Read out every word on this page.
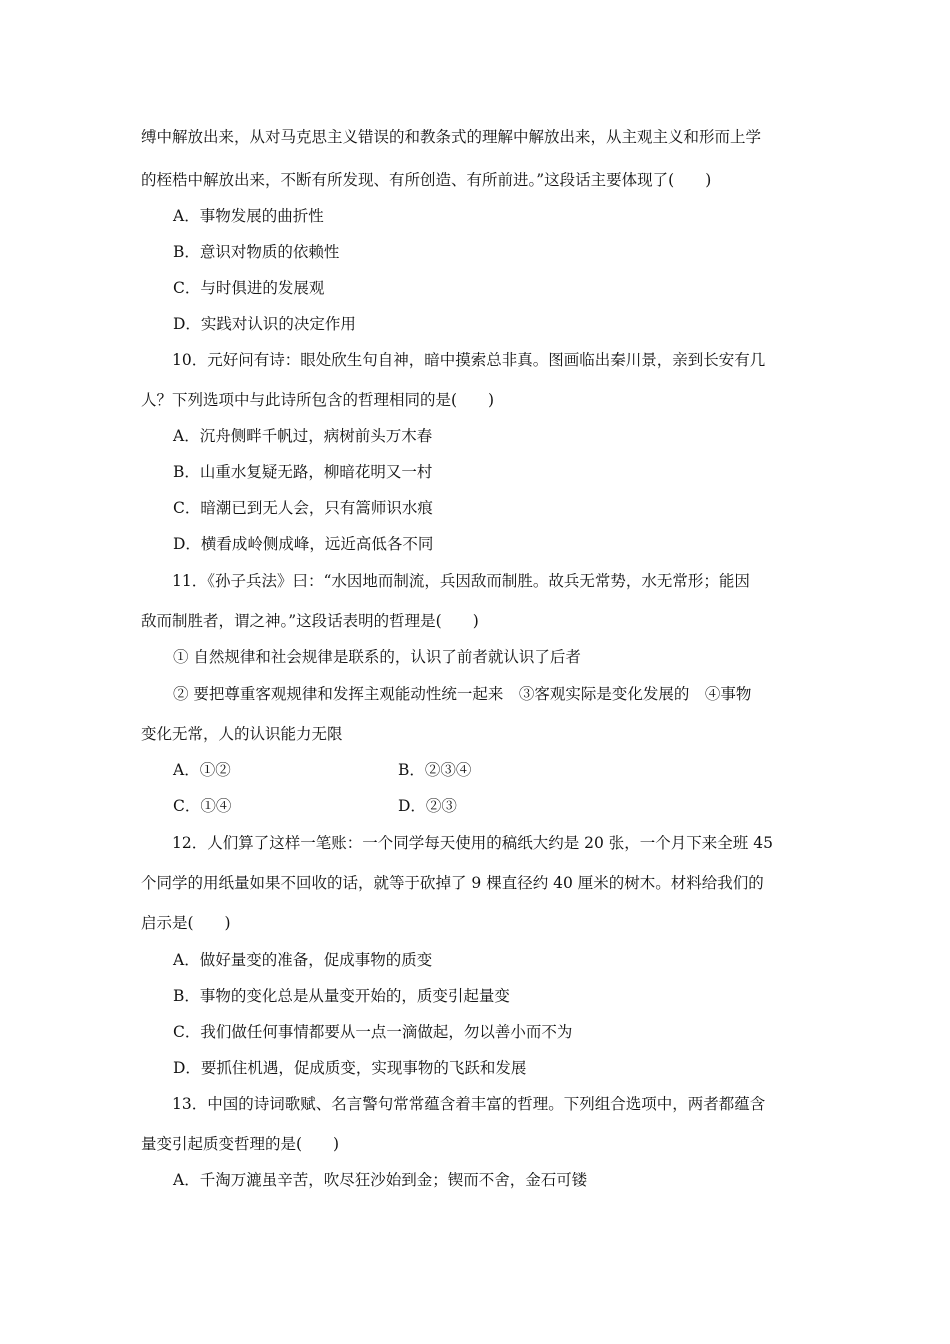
缚中解放出来，从对马克思主义错误的和教条式的理解中解放出来，从主观主义和形而上学
的桎梏中解放出来，不断有所发现、有所创造、有所前进。”这段话主要体现了(　　)
A．事物发展的曲折性
B．意识对物质的依赖性
C．与时俱进的发展观
D．实践对认识的决定作用
10．元好问有诗：眼处欣生句自神，暗中摸索总非真。图画临出秦川景，亲到长安有几
人？下列选项中与此诗所包含的哲理相同的是(　　)
A．沉舟侧畔千帆过，病树前头万木春
B．山重水复疑无路，柳暗花明又一村
C．暗潮已到无人会，只有篙师识水痕
D．横看成岭侧成峰，远近高低各不同
11．《孙子兵法》曰：“水因地而制流，兵因敌而制胜。故兵无常势，水无常形；能因
敌而制胜者，谓之神。”这段话表明的哲理是(　　)
① 自然规律和社会规律是联系的，认识了前者就认识了后者
② 要把尊重客观规律和发挥主观能动性统一起来　③客观实际是变化发展的　④事物
变化无常，人的认识能力无限
A．①②	B．②③④
C．①④	D．②③
12．人们算了这样一笔账：一个同学每天使用的稿纸大约是 20 张，一个月下来全班 45
个同学的用纸量如果不回收的话，就等于砍掉了 9 棵直径约 40 厘米的树木。材料给我们的
启示是(　　)
A．做好量变的准备，促成事物的质变
B．事物的变化总是从量变开始的，质变引起量变
C．我们做任何事情都要从一点一滴做起，勿以善小而不为
D．要抓住机遇，促成质变，实现事物的飞跃和发展
13．中国的诗词歌赋、名言警句常常蕴含着丰富的哲理。下列组合选项中，两者都蕴含
量变引起质变哲理的是(　　)
A．千淘万漉虽辛苦，吹尽狂沙始到金；锲而不舍，金石可镂
